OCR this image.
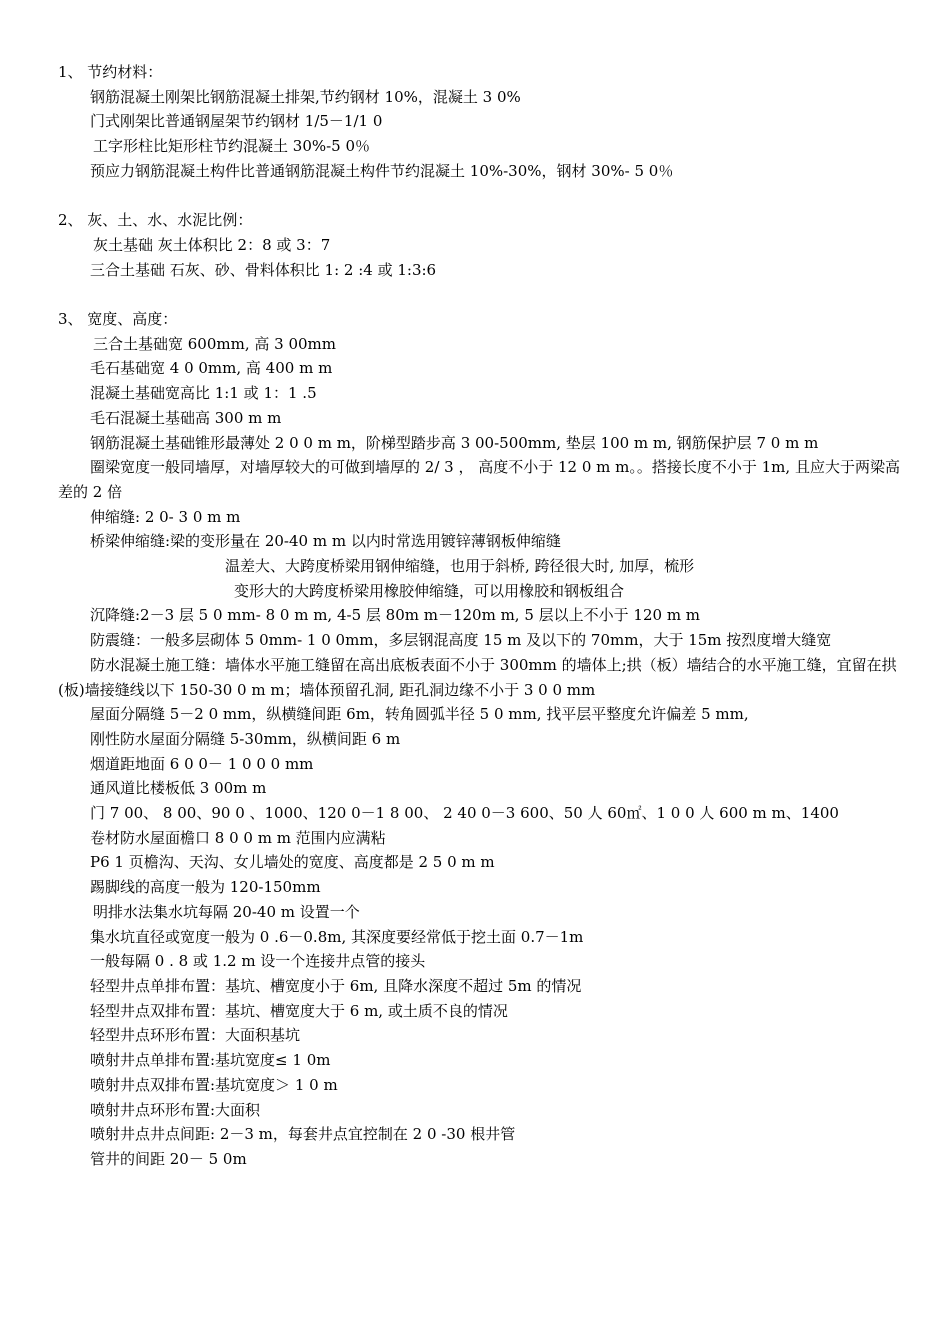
1、 节约材料：
钢筋混凝土刚架比钢筋混凝土排架,节约钢材 10%，混凝土 3 0%
门式刚架比普通钢屋架节约钢材 1/5－1/1 0
工字形柱比矩形柱节约混凝土 30%-5 0％
预应力钢筋混凝土构件比普通钢筋混凝土构件节约混凝土 10%-30%，钢材 30%- 5 0％
2、 灰、土、水、水泥比例：
灰土基础 灰土体积比 2：8 或 3：7
三合土基础 石灰、砂、骨料体积比 1: 2 :4 或 1:3:6
3、 宽度、高度：
三合土基础宽 600mm, 高 3 00mm
毛石基础宽 4 0 0mm, 高 400 m m
混凝土基础宽高比 1:1 或 1：1 .5
毛石混凝土基础高 300 m m
钢筋混凝土基础锥形最薄处 2 0 0 m m，阶梯型踏步高 3 00-500mm, 垫层 100 m m, 钢筋保护层 7 0 m m
圈梁宽度一般同墙厚，对墙厚较大的可做到墙厚的 2/ 3 ， 高度不小于 12 0 m m。。搭接长度不小于 1m, 且应大于两梁高差的 2 倍
伸缩缝: 2 0- 3 0 m m
桥梁伸缩缝:梁的变形量在 20-40 m m 以内时常选用镀锌薄钢板伸缩缝
温差大、大跨度桥梁用钢伸缩缝，也用于斜桥, 跨径很大时, 加厚，梳形
变形大的大跨度桥梁用橡胶伸缩缝，可以用橡胶和钢板组合
沉降缝:2－3 层 5 0 mm- 8 0 m m, 4-5 层 80m m－120m m, 5 层以上不小于 120 m m
防震缝：一般多层砌体 5 0mm- 1 0 0mm，多层钢混高度 15 m 及以下的 70mm，大于 15m 按烈度增大缝宽
防水混凝土施工缝：墙体水平施工缝留在高出底板表面不小于 300mm 的墙体上;拱（板）墙结合的水平施工缝，宜留在拱(板)墙接缝线以下 150-30 0 m m；墙体预留孔洞, 距孔洞边缘不小于 3 0 0 mm
屋面分隔缝 5－2 0 mm，纵横缝间距 6m，转角圆弧半径 5 0 mm, 找平层平整度允许偏差 5 mm,
刚性防水屋面分隔缝 5-30mm，纵横间距 6 m
烟道距地面 6 0 0－ 1 0 0 0 mm
通风道比楼板低 3 00m m
门 7 00、 8 00、90 0 、1000、120 0－1 8 00、 2 40 0－3 600、50 人 60㎡、1 0 0 人 600 m m、1400
卷材防水屋面檐口 8 0 0 m m 范围内应满粘
P6 1 页檐沟、天沟、女儿墙处的宽度、高度都是 2 5 0 m m
踢脚线的高度一般为 120-150mm
明排水法集水坑每隔 20-40 m 设置一个
集水坑直径或宽度一般为 0 .6－0.8m, 其深度要经常低于挖土面 0.7－1m
一般每隔 0 . 8 或 1.2 m 设一个连接井点管的接头
轻型井点单排布置：基坑、槽宽度小于 6m, 且降水深度不超过 5m 的情况
轻型井点双排布置：基坑、槽宽度大于 6 m, 或土质不良的情况
轻型井点环形布置：大面积基坑
喷射井点单排布置:基坑宽度≤ 1 0m
喷射井点双排布置:基坑宽度＞ 1 0 m
喷射井点环形布置:大面积
喷射井点井点间距: 2－3 m，每套井点宜控制在 2 0 -30 根井管
管井的间距 20－ 5 0m
